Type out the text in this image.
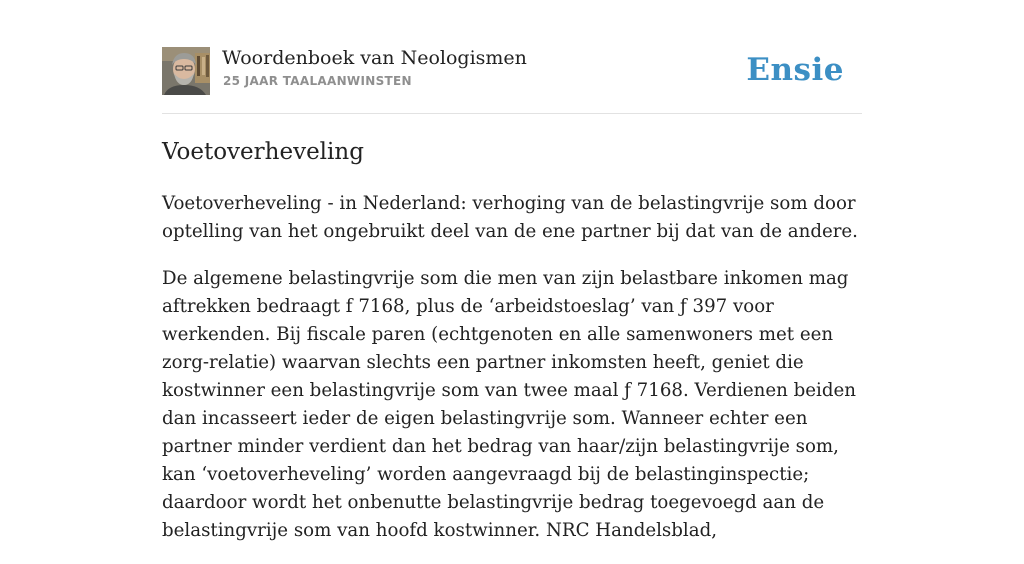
Woordenboek van Neologismen
25 JAAR TAALAANWINSTEN	Ensie
Voetoverheveling

Voetoverheveling - in Nederland: verhoging van de belastingvrije som door optelling van het ongebruikt deel van de ene partner bij dat van de andere.

De algemene belastingvrije som die men van zijn belastbare inkomen mag aftrekken bedraagt f 7168, plus de ‘arbeidstoeslag’ van ƒ 397 voor werkenden. Bij fiscale paren (echtgenoten en alle samenwoners met een zorg-relatie) waarvan slechts een partner inkomsten heeft, geniet die kostwinner een belastingvrije som van twee maal ƒ 7168. Verdienen beiden dan incasseert ieder de eigen belastingvrije som. Wanneer echter een partner minder verdient dan het bedrag van haar/zijn belastingvrije som, kan ‘voetoverheveling’ worden aangevraagd bij de belastinginspectie; daardoor wordt het onbenutte belastingvrije bedrag toegevoegd aan de belastingvrije som van hoofd kostwinner. NRC Handelsblad,
